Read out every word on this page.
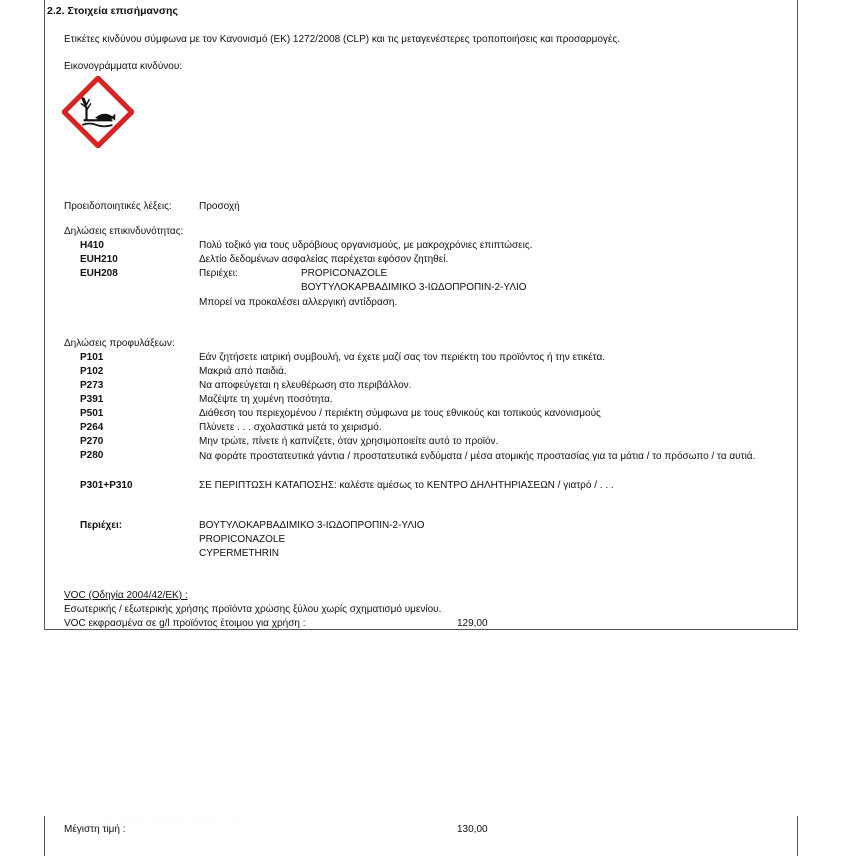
2.2. Στοιχεία επισήμανσης
Ετικέτες κινδύνου σύμφωνα με τον Κανονισμό (ΕΚ) 1272/2008 (CLP) και τις μεταγενέστερες τροποποιήσεις και προσαρμογές.
Εικονογράμματα κινδύνου:
Προειδοποιητικές λέξεις:	Προσοχή
Δηλώσεις επικινδυνότητας:
H410	Πολύ τοξικό για τους υδρόβιους οργανισμούς, με μακροχρόνιες επιπτώσεις.
EUH210	Δελτίο δεδομένων ασφαλείας παρέχεται εφόσον ζητηθεί.
EUH208	Περιέχει:	PROPICONAZOLE
ΒΟΥΤΥΛΟΚΑΡΒΑΔΙΜΙΚΟ 3-ΙΩΔΟΠΡΟΠΙΝ-2-ΥΛΙΟ
Μπορεί να προκαλέσει αλλεργική αντίδραση.
Δηλώσεις προφυλάξεων:
P101	Εάν ζητήσετε ιατρική συμβουλή, να έχετε μαζί σας τον περιέκτη του προϊόντος ή την ετικέτα.
P102	Μακριά από παιδιά.
P273	Να αποφεύγεται η ελευθέρωση στο περιβάλλον.
P391	Μαζέψτε τη χυμένη ποσότητα.
P501	Διάθεση του περιεχομένου / περιέκτη σύμφωνα με τους εθνικούς και τοπικούς κανονισμούς
P264	Πλύνετε . . . σχολαστικά μετά το χειρισμό.
P270	Μην τρώτε, πίνετε ή καπνίζετε, όταν χρησιμοποιείτε αυτό το προϊόν.
P280	Να φοράτε προστατευτικά γάντια / προστατευτικά ενδύματα / μέσα ατομικής προστασίας για τα μάτια / το πρόσωπο / τα αυτιά.
P301+P310	ΣΕ ΠΕΡΙΠΤΩΣΗ ΚΑΤΑΠΟΣΗΣ: καλέστε αμέσως το ΚΕΝΤΡΟ ΔΗΛΗΤΗΡΙΑΣΕΩΝ / γιατρό / . . .
Περιέχει:	ΒΟΥΤΥΛΟΚΑΡΒΑΔΙΜΙΚΟ 3-ΙΩΔΟΠΡΟΠΙΝ-2-ΥΛΙΟ
PROPICONAZOLE
CYPERMETHRIN
VOC (Οδηγία 2004/42/ΕΚ) :
Εσωτερικής / εξωτερικής χρήσης προϊόντα χρώσης ξύλου χωρίς σχηματισμό υμενίου.
VOC εκφρασμένα σε g/l προϊόντος έτοιμου για χρήση :	129,00
· · · · · · · · · · · · ·
Μέγιστη τιμή :	130,00
